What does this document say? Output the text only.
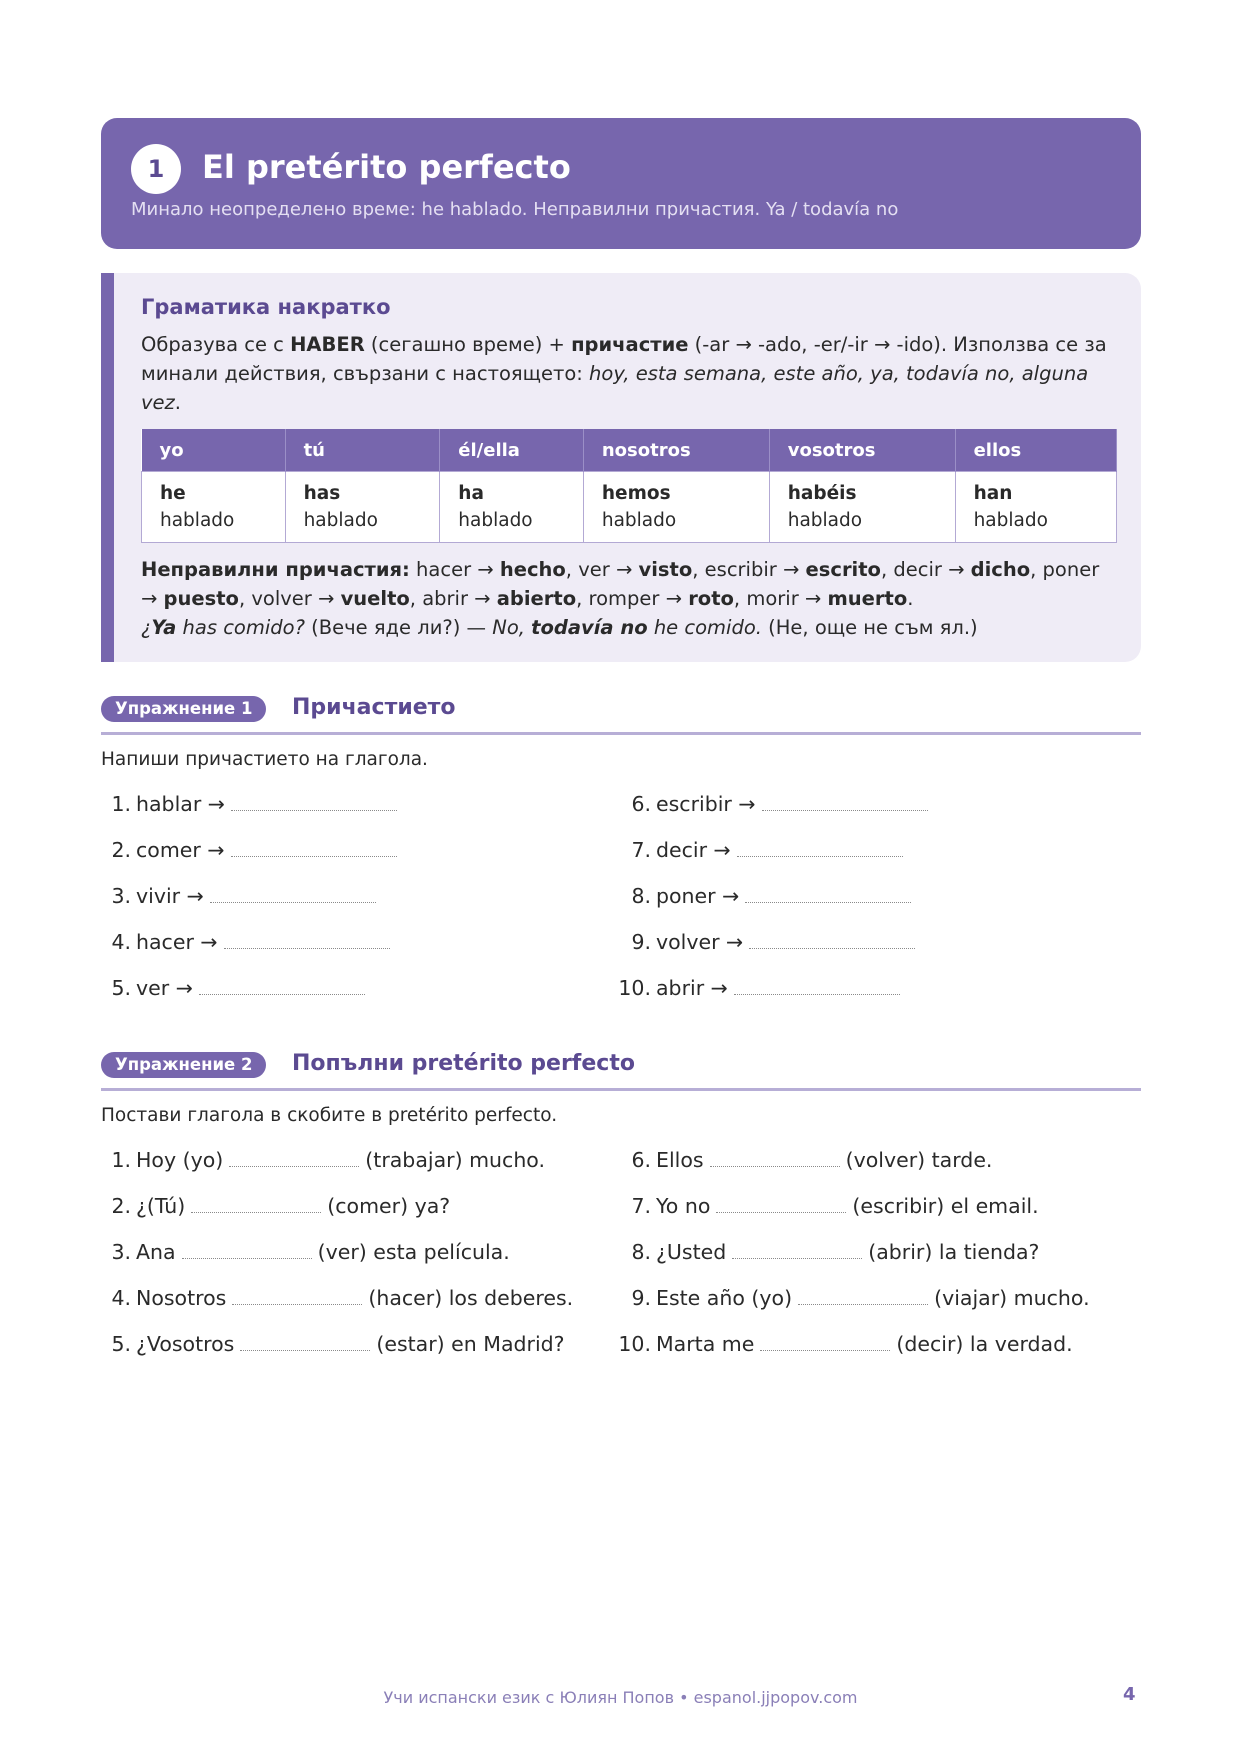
1	El pretérito perfecto
Минало неопределено време: he hablado. Неправилни причастия. Ya / todavía no
Граматика накратко

Образува се с HABER (сегашно време) + причастие (-ar → -ado, -er/-ir → -ido). Използва се за минали действия, свързани с настоящето: hoy, esta semana, este año, ya, todavía no, alguna vez.

yo	tú	él/ella	nosotros	vosotros	ellos

he
hablado	has
hablado	ha
hablado	hemos
hablado	habéis
hablado	han
hablado

Неправилни причастия: hacer → hecho, ver → visto, escribir → escrito, decir → dicho, poner → puesto, volver → vuelto, abrir → abierto, romper → roto, morir → muerto.

¿Ya has comido? (Вече яде ли?) — No, todavía no he comido. (Не, още не съм ял.)

Упражнение 1	Причастието
Напиши причастието на глагола.
1. hablar →
2. comer →
3. vivir →
4. hacer →
5. ver →
6. escribir →
7. decir →
8. poner →
9. volver →
10. abrir →
Упражнение 2	Попълни pretérito perfecto
Постави глагола в скобите в pretérito perfecto.
1. Hoy (yo)	(trabajar) mucho.
2. ¿(Tú)	(comer) ya?
3. Ana	(ver) esta película.
4. Nosotros	(hacer) los deberes.
5. ¿Vosotros	(estar) en Madrid?
6. Ellos	(volver) tarde.
7. Yo no	(escribir) el email.
8. ¿Usted	(abrir) la tienda?
9. Este año (yo)	(viajar) mucho.
10. Marta me	(decir) la verdad.
Учи испански език с Юлиян Попов • espanol.jjpopov.com	4
